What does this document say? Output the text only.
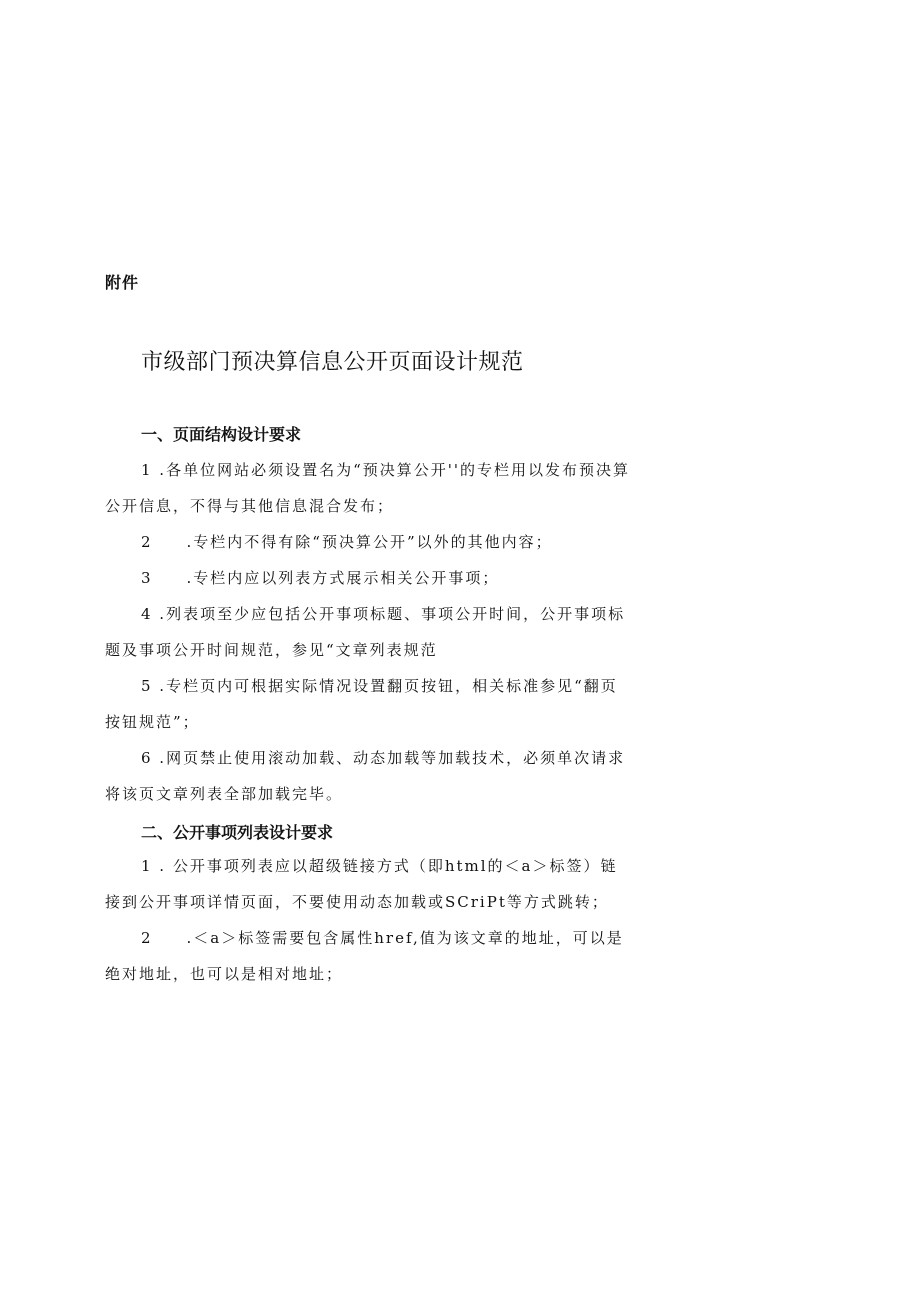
附件

市级部门预决算信息公开页面设计规范
一、页面结构设计要求

1 .各单位网站必须设置名为“预决算公开''的专栏用以发布预决算公开信息，不得与其他信息混合发布；

2　　.专栏内不得有除“预决算公开”以外的其他内容；

3　　.专栏内应以列表方式展示相关公开事项；

4 .列表项至少应包括公开事项标题、事项公开时间，公开事项标题及事项公开时间规范，参见“文章列表规范

5 .专栏页内可根据实际情况设置翻页按钮，相关标准参见“翻页按钮规范”；

6 .网页禁止使用滚动加载、动态加载等加载技术，必须单次请求将该页文章列表全部加载完毕。

二、公开事项列表设计要求

1 . 公开事项列表应以超级链接方式（即html的＜a＞标签）链接到公开事项详情页面，不要使用动态加载或SCriPt等方式跳转；

2　　.＜a＞标签需要包含属性href,值为该文章的地址，可以是绝对地址，也可以是相对地址；
